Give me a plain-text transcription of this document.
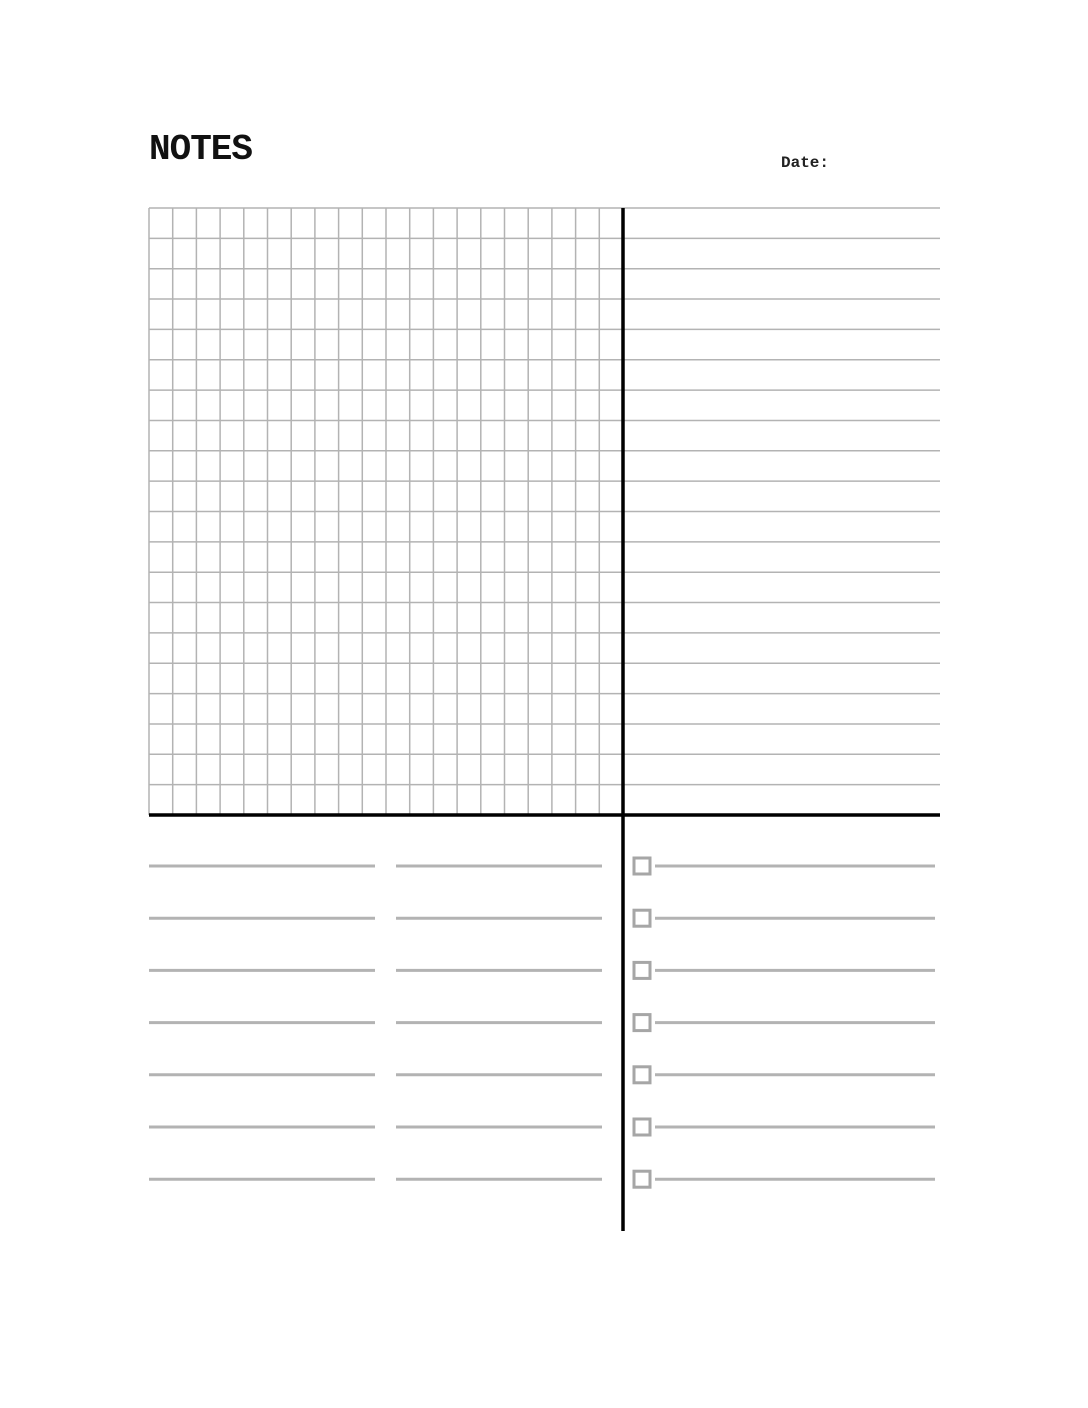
NOTES	Date:
